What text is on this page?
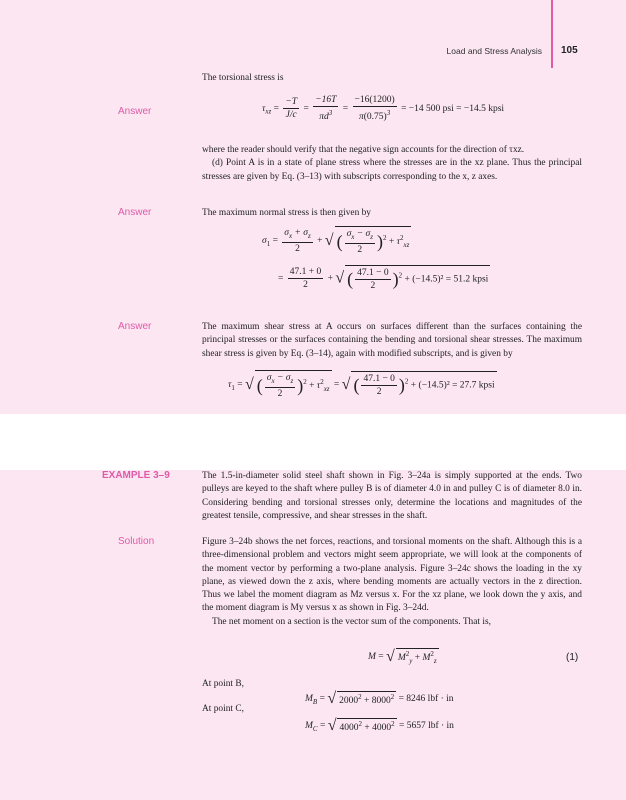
Load and Stress Analysis 105

The torsional stress is

Answer	$\tau_{xz} = \frac{-T}{J/c} = \frac{-16T}{\pi d^3} = \frac{-16(1200)}{\pi(0.75)^3} = -14$ 500 psi = −14.5 kpsi

where the reader should verify that the negative sign accounts for the direction of τxz.

(d) Point A is in a state of plane stress where the stresses are in the xz plane. Thus the principal stresses are given by Eq. (3–13) with subscripts corresponding to the x, z axes.

Answer	The maximum normal stress is then given by

$\sigma_1 = \frac{\sigma_x + \sigma_z}{2}$ + √ ( $\frac{\sigma_x - \sigma_z}{2} )^2 + \tau^2_{xz}$
= $\frac{47.1 + 0}{2}$ + √ ( $\frac{47.1 - 0}{2} )^2 + (-14.5)^2 = 51.2$ kpsi
Answer	The maximum shear stress at A occurs on surfaces different than the surfaces containing the principal stresses or the surfaces containing the bending and torsional shear stresses. The maximum shear stress is given by Eq. (3–14), again with modified subscripts, and is given by

$\tau_1$ = √ ( $\frac{\sigma_x - \sigma_z}{2} )^2 + \tau^2_{xz}$ = √ ( $\frac{47.1 - 0}{2} )^2 + (-14.5)^2 = 27.7$ kpsi
EXAMPLE 3–9	The 1.5-in-diameter solid steel shaft shown in Fig. 3–24a is simply supported at the ends. Two pulleys are keyed to the shaft where pulley B is of diameter 4.0 in and pulley C is of diameter 8.0 in. Considering bending and torsional stresses only, determine the locations and magnitudes of the greatest tensile, compressive, and shear stresses in the shaft.

Solution	Figure 3–24b shows the net forces, reactions, and torsional moments on the shaft. Although this is a three-dimensional problem and vectors might seem appropriate, we will look at the components of the moment vector by performing a two-plane analysis. Figure 3–24c shows the loading in the xy plane, as viewed down the z axis, where bending moments are actually vectors in the z direction. Thus we label the moment diagram as Mz versus x. For the xz plane, we look down the y axis, and the moment diagram is My versus x as shown in Fig. 3–24d.

The net moment on a section is the vector sum of the components. That is,

M = √ $M^2_y + M^2_z$	(1)

At point B,

$M_B$ = √ $2000^2 + 8000^2 = 8246$ lbf · in

At point C,

$M_C$ = √ $4000^2 + 4000^2 = 5657$ lbf · in
